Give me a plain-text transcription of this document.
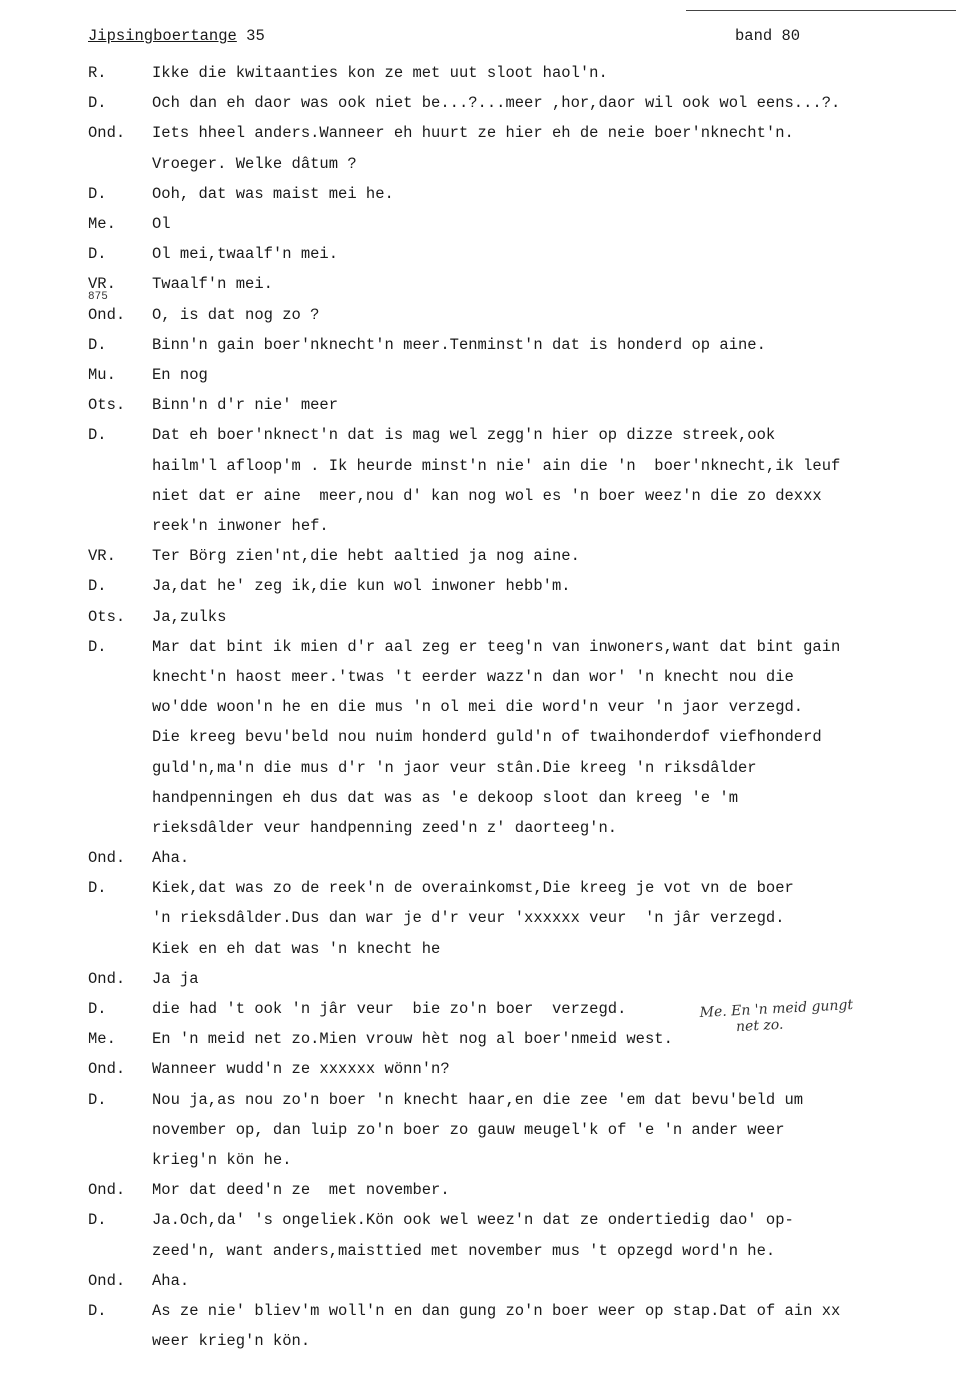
Jipsingboertange 35	band 80
875
R.	Ikke die kwitaanties kon ze met uut sloot haol'n.
D.	Och dan eh daor was ook niet be...?...meer ,hor,daor wil ook wol eens...?.
Ond.	Iets hheel anders.Wanneer eh huurt ze hier eh de neie boer'nknecht'n.
Vroeger. Welke dâtum ?
D.	Ooh, dat was maist mei he.
Me.	Ol
D.	Ol mei,twaalf'n mei.
VR.	Twaalf'n mei.
Ond.	O, is dat nog zo ?
D.	Binn'n gain boer'nknecht'n meer.Tenminst'n dat is honderd op aine.
Mu.	En nog
Ots.	Binn'n d'r nie' meer
D.	Dat eh boer'nknect'n dat is mag wel zegg'n hier op dizze streek,ook
hailm'l afloop'm . Ik heurde minst'n nie' ain die 'n  boer'nknecht,ik leuf
niet dat er aine  meer,nou d' kan nog wol es 'n boer weez'n die zo dexxx
reek'n inwoner hef.
VR.	Ter Börg zien'nt,die hebt aaltied ja nog aine.
D.	Ja,dat he' zeg ik,die kun wol inwoner hebb'm.
Ots.	Ja,zulks
D.	Mar dat bint ik mien d'r aal zeg er teeg'n van inwoners,want dat bint gain
knecht'n haost meer.'twas 't eerder wazz'n dan wor' 'n knecht nou die
wo'dde woon'n he en die mus 'n ol mei die word'n veur 'n jaor verzegd.
Die kreeg bevu'beld nou nuim honderd guld'n of twaihonderdof viefhonderd
guld'n,ma'n die mus d'r 'n jaor veur stân.Die kreeg 'n riksdâlder
handpenningen eh dus dat was as 'e dekoop sloot dan kreeg 'e 'm
rieksdâlder veur handpenning zeed'n z' daorteeg'n.
Ond.	Aha.
D.	Kiek,dat was zo de reek'n de overainkomst,Die kreeg je vot vn de boer
'n rieksdâlder.Dus dan war je d'r veur 'xxxxxx veur  'n jâr verzegd.
Kiek en eh dat was 'n knecht he
Ond.	Ja ja
D.	die had 't ook 'n jâr veur  bie zo'n boer  verzegd.
Me.	En 'n meid net zo.Mien vrouw hèt nog al boer'nmeid west.
Ond.	Wanneer wudd'n ze xxxxxx wönn'n?
D.	Nou ja,as nou zo'n boer 'n knecht haar,en die zee 'em dat bevu'beld um
november op, dan luip zo'n boer zo gauw meugel'k of 'e 'n ander weer
krieg'n kön he.
Ond.	Mor dat deed'n ze  met november.
D.	Ja.Och,da' 's ongeliek.Kön ook wel weez'n dat ze ondertiedig dao' op-
zeed'n, want anders,maisttied met november mus 't opzegd word'n he.
Ond.	Aha.
D.	As ze nie' bliev'm woll'n en dan gung zo'n boer weer op stap.Dat of ain xx
weer krieg'n kön.
Me. En 'n meid gungt
net zo.
